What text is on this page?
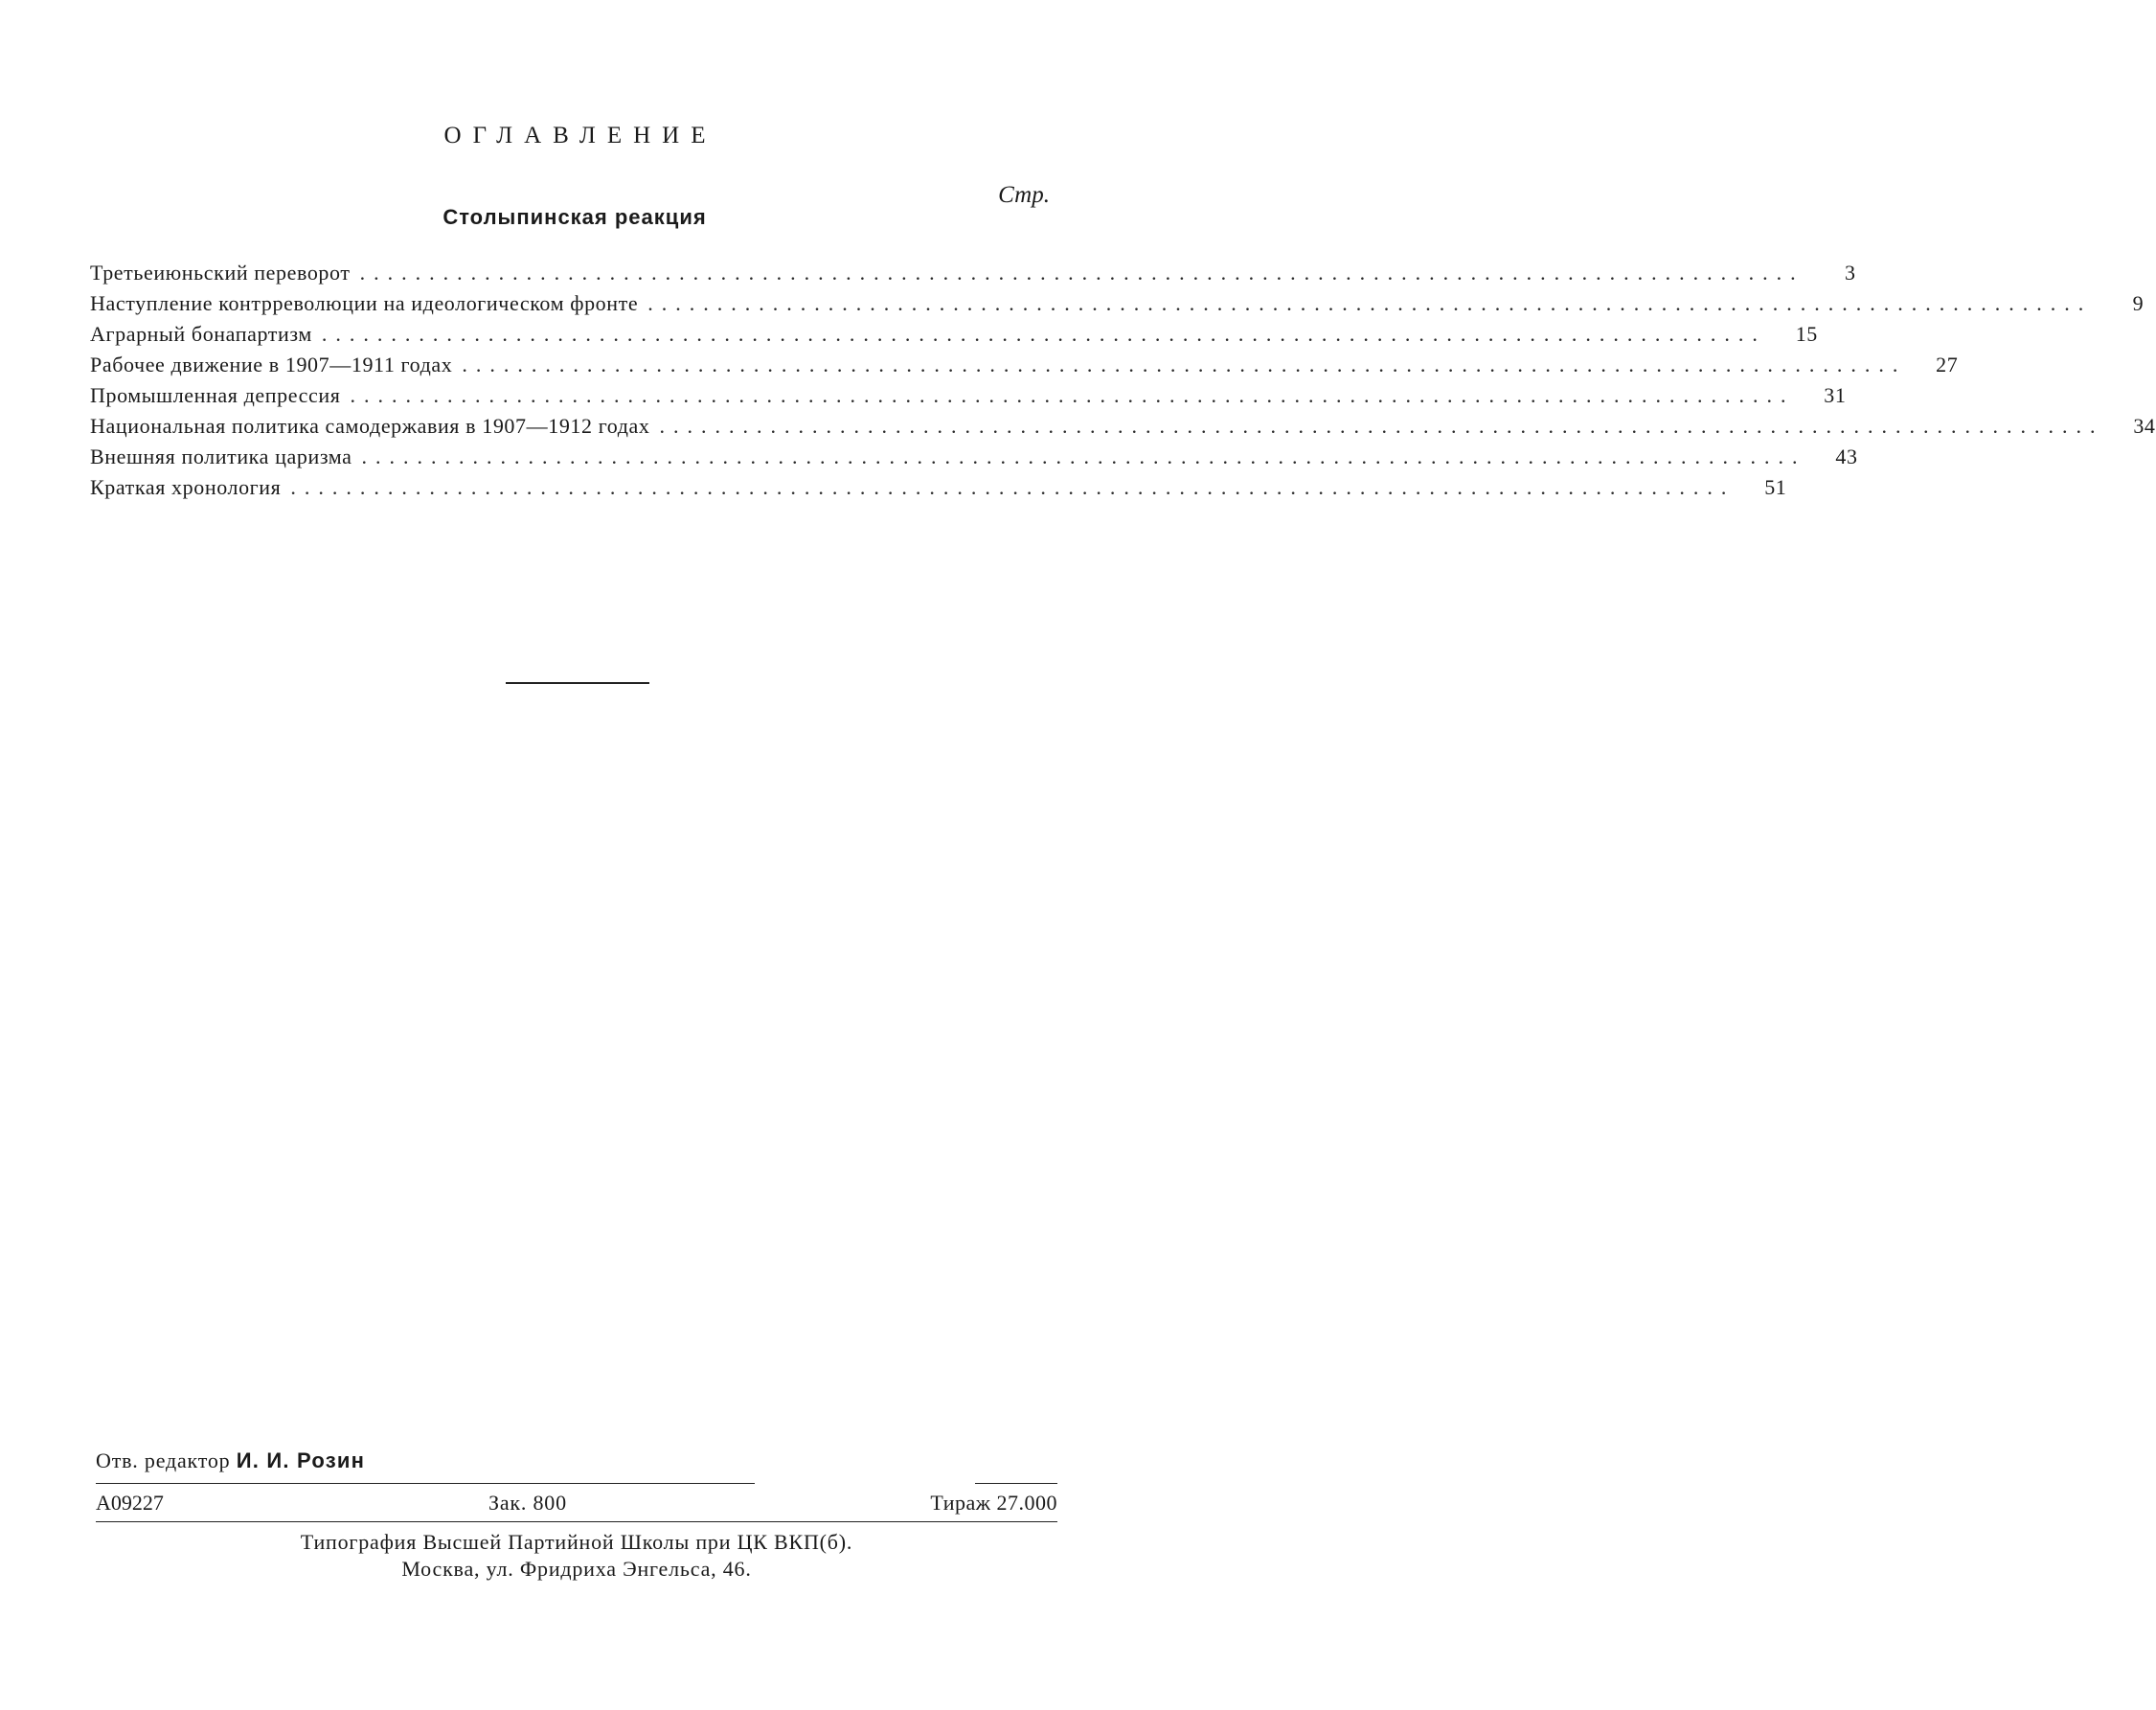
ОГЛАВЛЕНИЕ
Стр.
Столыпинская реакция
Третьеиюньский переворот ........................................................................................................	3
Наступление контрреволюции на идеологическом фронте ........................................................................................................	9
Аграрный бонапартизм ........................................................................................................	15
Рабочее движение в 1907—1911 годах ........................................................................................................	27
Промышленная депрессия ........................................................................................................	31
Национальная политика самодержавия в 1907—1912 годах ........................................................................................................	34
Внешняя политика царизма ........................................................................................................	43
Краткая хронология ........................................................................................................	51
Отв. редактор И. И. Розин
А09227	Зак. 800	Тираж 27.000
Типография Высшей Партийной Школы при ЦК ВКП(б).
Москва, ул. Фридриха Энгельса, 46.
